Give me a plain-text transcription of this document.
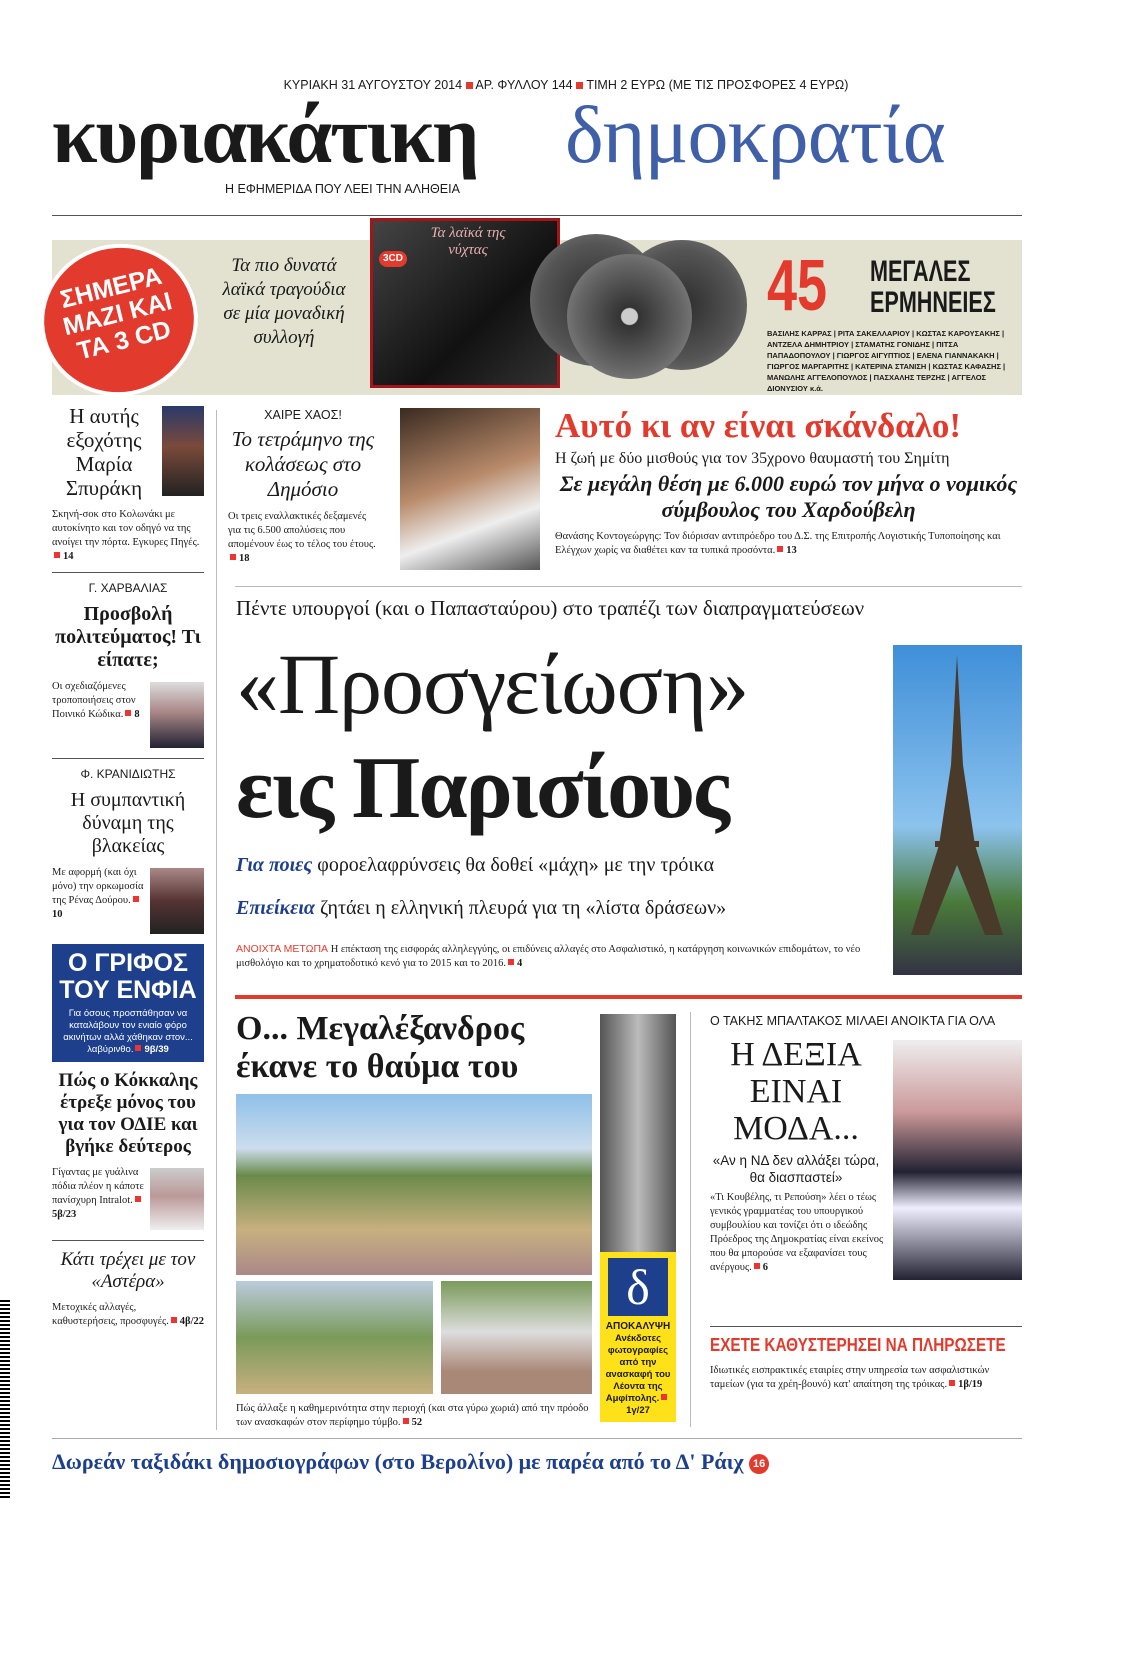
ΚΥΡΙΑΚΗ 31 ΑΥΓΟΥΣΤΟΥ 2014 ΑΡ. ΦΥΛΛΟΥ 144 ΤΙΜΗ 2 ΕΥΡΩ (ΜΕ ΤΙΣ ΠΡΟΣΦΟΡΕΣ 4 ΕΥΡΩ)
κυριακάτικη δημοκρατία
Η ΕΦΗΜΕΡΙΔΑ ΠΟΥ ΛΕΕΙ ΤΗΝ ΑΛΗΘΕΙΑ
ΣΗΜΕΡΑ ΜΑΖΙ ΚΑΙ ΤΑ 3 CD
Τα πιο δυνατά λαϊκά τραγούδια σε μία μοναδική συλλογή
3CD
Τα λαϊκά της νύχτας	45 ΜΕΓΑΛΕΣ ΕΡΜΗΝΕΙΕΣ
ΒΑΣΙΛΗΣ ΚΑΡΡΑΣ | ΡΙΤΑ ΣΑΚΕΛΛΑΡΙΟΥ | ΚΩΣΤΑΣ ΚΑΡΟΥΣΑΚΗΣ | ΑΝΤΖΕΛΑ ΔΗΜΗΤΡΙΟΥ | ΣΤΑΜΑΤΗΣ ΓΟΝΙΔΗΣ | ΠΙΤΣΑ ΠΑΠΑΔΟΠΟΥΛΟΥ | ΓΙΩΡΓΟΣ ΑΙΓΥΠΤΙΟΣ | ΕΛΕΝΑ ΓΙΑΝΝΑΚΑΚΗ | ΓΙΩΡΓΟΣ ΜΑΡΓΑΡΙΤΗΣ | ΚΑΤΕΡΙΝΑ ΣΤΑΝΙΣΗ | ΚΩΣΤΑΣ ΚΑΦΑΣΗΣ | ΜΑΝΩΛΗΣ ΑΓΓΕΛΟΠΟΥΛΟΣ | ΠΑΣΧΑΛΗΣ ΤΕΡΖΗΣ | ΑΓΓΕΛΟΣ ΔΙΟΝΥΣΙΟΥ κ.ά.
Η αυτής εξοχότης Μαρία Σπυράκη
Σκηνή-σοκ στο Κολωνάκι με αυτοκίνητο και τον οδηγό να της ανοίγει την πόρτα. Εγκυρες Πηγές.14
Γ. ΧΑΡΒΑΛΙΑΣ
Προσβολή πολιτεύματος! Τι είπατε;
Οι σχεδιαζόμενες τροποποιήσεις στον Ποινικό Κώδικα. 8
Φ. ΚΡΑΝΙΔΙΩΤΗΣ
Η συμπαντική δύναμη της βλακείας
Με αφορμή (και όχι μόνο) την ορκωμοσία της Ρένας Δούρου.10
Ο ΓΡΙΦΟΣ ΤΟΥ ΕΝΦΙΑ
Για όσους προσπάθησαν να καταλάβουν τον ενιαίο φόρο ακινήτων αλλά χάθηκαν στον... λαβύρινθο. 9β/39
Πώς ο Κόκκαλης έτρεξε μόνος του για τον ΟΔΙΕ και βγήκε δεύτερος
Γίγαντας με γυάλινα πόδια πλέον η κάποτε πανίσχυρη Intralot.5β/23
Κάτι τρέχει με τον «Αστέρα»
Μετοχικές αλλαγές, καθυστερήσεις, προσφυγές. 4β/22
ΧΑΙΡΕ ΧΑΟΣ!
Το τετράμηνο της κολάσεως στο Δημόσιο
Οι τρεις εναλλακτικές δεξαμενές για τις 6.500 απολύσεις που απομένουν έως το τέλος του έτους.18
Αυτό κι αν είναι σκάνδαλο!
Η ζωή με δύο μισθούς για τον 35χρονο θαυμαστή του Σημίτη
Σε μεγάλη θέση με 6.000 ευρώ τον μήνα ο νομικός σύμβουλος του Χαρδούβελη
Θανάσης Κοντογεώργης: Τον διόρισαν αντιπρόεδρο του Δ.Σ. της Επιτροπής Λογιστικής Τυποποίησης και Ελέγχων χωρίς να διαθέτει καν τα τυπικά προσόντα. 13
Πέντε υπουργοί (και ο Παπασταύρου) στο τραπέζι των διαπραγματεύσεων
«Προσγείωση»
εις Παρισίους
Για ποιες φοροελαφρύνσεις θα δοθεί «μάχη» με την τρόικα
Επιείκεια ζητάει η ελληνική πλευρά για τη «λίστα δράσεων»
ΑΝΟΙΧΤΑ ΜΕΤΩΠΑ Η επέκταση της εισφοράς αλληλεγγύης, οι επιδύνεις αλλαγές στο Ασφαλιστικό, η κατάργηση κοινωνικών επιδομάτων, το νέο μισθολόγιο και το χρηματοδοτικό κενό για το 2015 και το 2016. 4
Ο... Μεγαλέξανδρος έκανε το θαύμα του
Πώς άλλαξε η καθημερινότητα στην περιοχή (και στα γύρω χωριά) από την πρόοδο των ανασκαφών στον περίφημο τύμβο. 52
δ
ΑΠΟΚΑΛΥΨΗ
Ανέκδοτες φωτογραφίες από την ανασκαφή του Λέοντα της Αμφίπολης.1γ/27
Ο ΤΑΚΗΣ ΜΠΑΛΤΑΚΟΣ ΜΙΛΑΕΙ ΑΝΟΙΚΤΑ ΓΙΑ ΟΛΑ
Η ΔΕΞΙΑ ΕΙΝΑΙ ΜΟΔΑ...
«Αν η ΝΔ δεν αλλάξει τώρα, θα διασπαστεί»
«Τι Κουβέλης, τι Ρεπούση» λέει ο τέως γενικός γραμματέας του υπουργικού συμβουλίου και τονίζει ότι ο ιδεώδης Πρόεδρος της Δημοκρατίας είναι εκείνος που θα μπορούσε να εξαφανίσει τους ανέργους. 6
ΕΧΕΤΕ ΚΑΘΥΣΤΕΡΗΣΕΙ ΝΑ ΠΛΗΡΩΣΕΤΕ
Ιδιωτικές εισπρακτικές εταιρίες στην υπηρεσία των ασφαλιστικών ταμείων (για τα χρέη-βουνό) κατ' απαίτηση της τρόικας. 1β/19
Δωρεάν ταξιδάκι δημοσιογράφων (στο Βερολίνο) με παρέα από το Δ' Ράιχ 16
